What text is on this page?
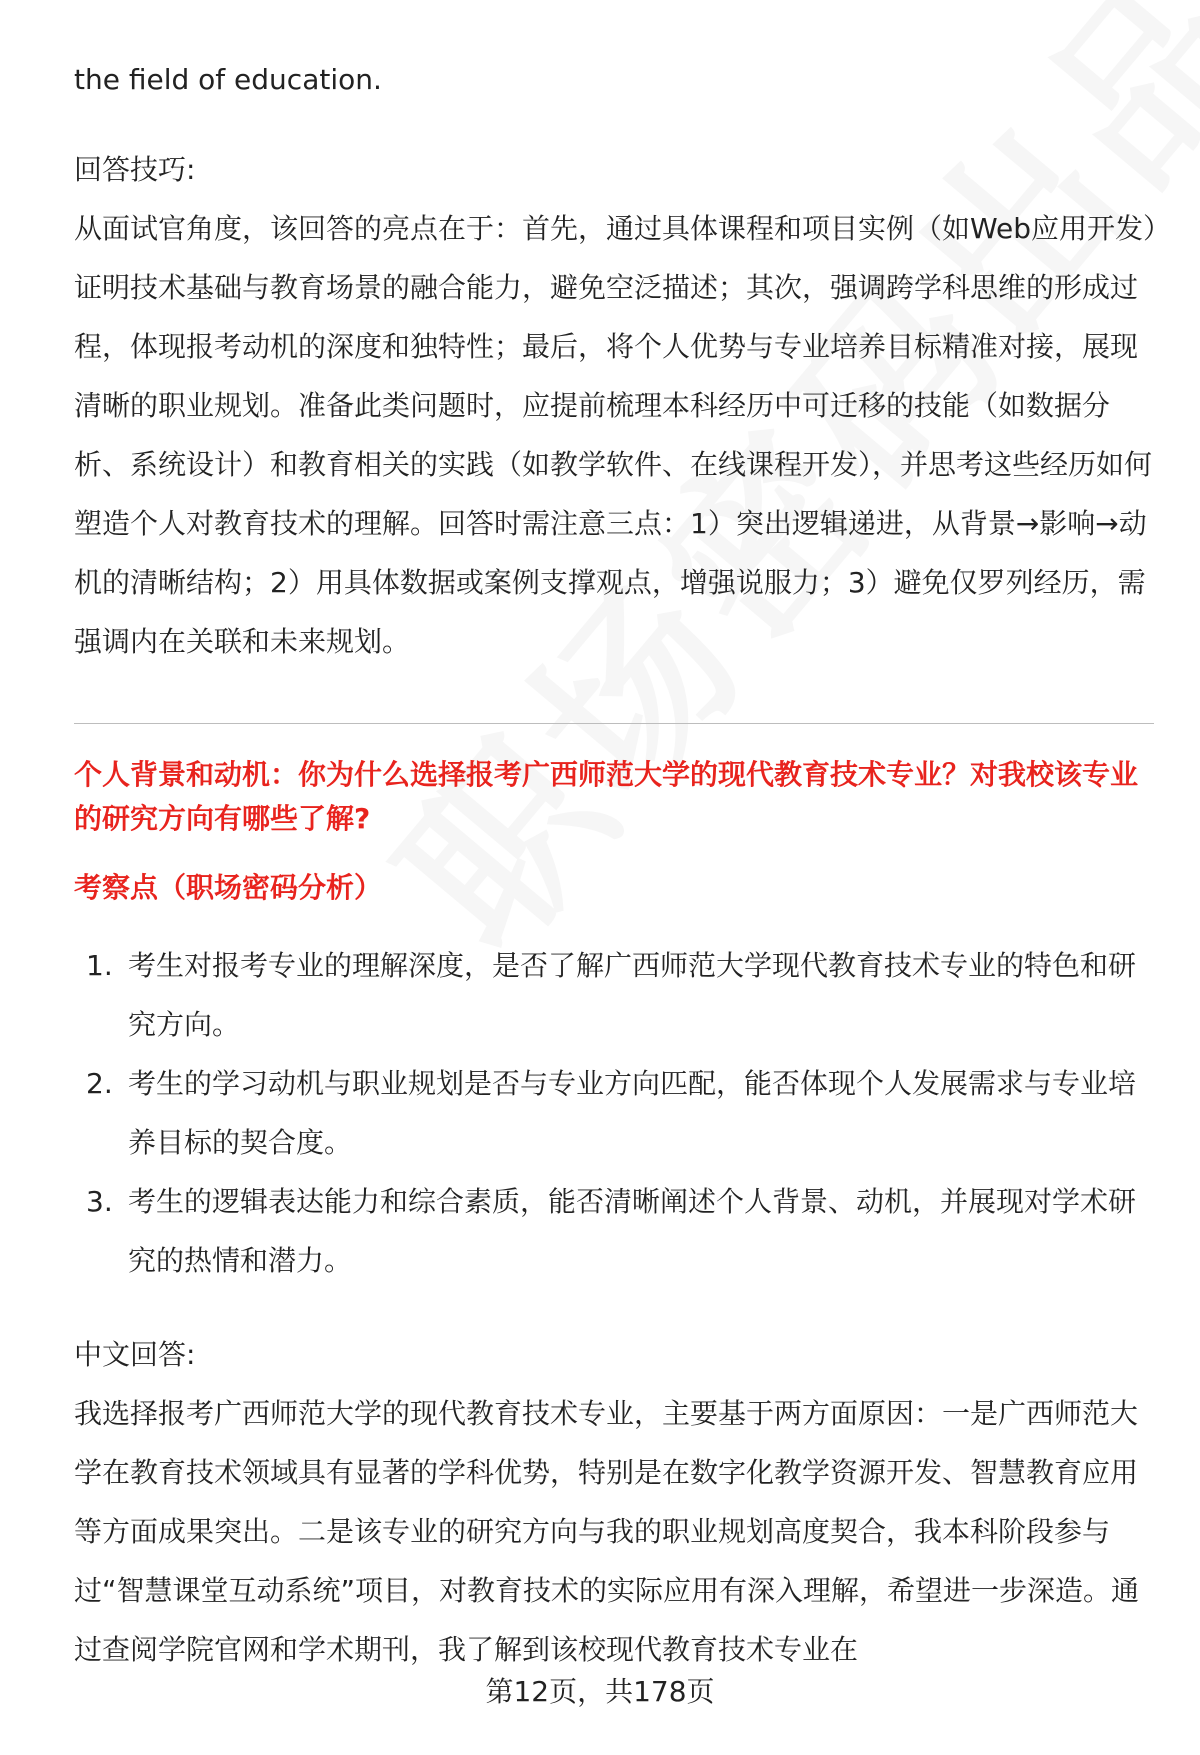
the field of education.

回答技巧:

从面试官角度，该回答的亮点在于：首先，通过具体课程和项目实例（如Web应用开发）证明技术基础与教育场景的融合能力，避免空泛描述；其次，强调跨学科思维的形成过程，体现报考动机的深度和独特性；最后，将个人优势与专业培养目标精准对接，展现清晰的职业规划。准备此类问题时，应提前梳理本科经历中可迁移的技能（如数据分析、系统设计）和教育相关的实践（如教学软件、在线课程开发），并思考这些经历如何塑造个人对教育技术的理解。回答时需注意三点：1）突出逻辑递进，从背景→影响→动机的清晰结构；2）用具体数据或案例支撑观点，增强说服力；3）避免仅罗列经历，需强调内在关联和未来规划。

个人背景和动机：你为什么选择报考广西师范大学的现代教育技术专业？对我校该专业的研究方向有哪些了解?

考察点（职场密码分析）

1. 考生对报考专业的理解深度，是否了解广西师范大学现代教育技术专业的特色和研究方向。
2. 考生的学习动机与职业规划是否与专业方向匹配，能否体现个人发展需求与专业培养目标的契合度。
3. 考生的逻辑表达能力和综合素质，能否清晰阐述个人背景、动机，并展现对学术研究的热情和潜力。

中文回答:

我选择报考广西师范大学的现代教育技术专业，主要基于两方面原因：一是广西师范大学在教育技术领域具有显著的学科优势，特别是在数字化教学资源开发、智慧教育应用等方面成果突出。二是该专业的研究方向与我的职业规划高度契合，我本科阶段参与过“智慧课堂互动系统”项目，对教育技术的实际应用有深入理解，希望进一步深造。通过查阅学院官网和学术期刊，我了解到该校现代教育技术专业在

第12页，共178页
